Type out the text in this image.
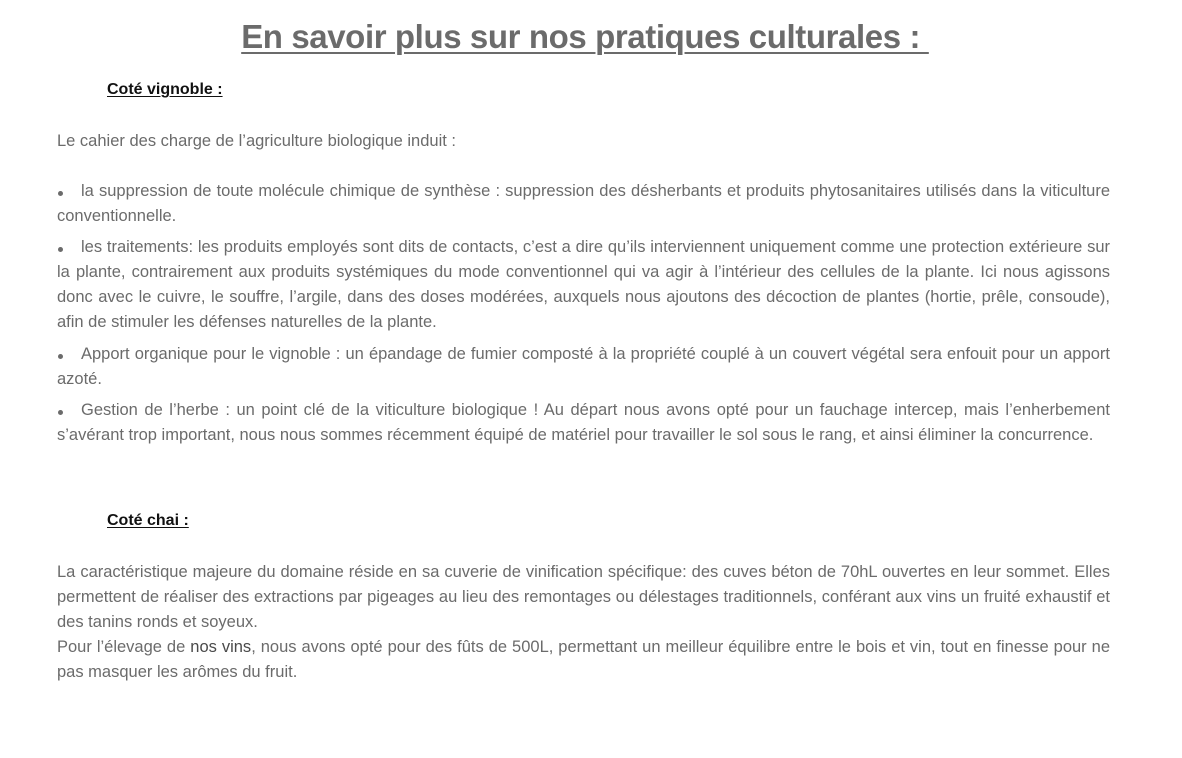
En savoir plus sur nos pratiques culturales :
Coté vignoble :

Le cahier des charge de l’agriculture biologique induit :

la suppression de toute molécule chimique de synthèse : suppression des désherbants et produits phytosanitaires utilisés dans la viticulture conventionnelle.

les traitements: les produits employés sont dits de contacts, c’est a dire qu’ils interviennent uniquement comme une protection extérieure sur la plante, contrairement aux produits systémiques du mode conventionnel qui va agir à l’intérieur des cellules de la plante. Ici nous agissons donc avec le cuivre, le souffre, l’argile, dans des doses modérées, auxquels nous ajoutons des décoction de plantes (hortie, prêle, consoude), afin de stimuler les défenses naturelles de la plante.

Apport organique pour le vignoble : un épandage de fumier composté à la propriété couplé à un couvert végétal sera enfouit pour un apport azoté.

Gestion de l’herbe : un point clé de la viticulture biologique ! Au départ nous avons opté pour un fauchage intercep, mais l’enherbement s’avérant trop important, nous nous sommes récemment équipé de matériel pour travailler le sol sous le rang, et ainsi éliminer la concurrence.

Coté chai :

La caractéristique majeure du domaine réside en sa cuverie de vinification spécifique: des cuves béton de 70hL ouvertes en leur sommet. Elles permettent de réaliser des extractions par pigeages au lieu des remontages ou délestages traditionnels, conférant aux vins un fruité exhaustif et des tanins ronds et soyeux.
Pour l’élevage de nos vins, nous avons opté pour des fûts de 500L, permettant un meilleur équilibre entre le bois et vin, tout en finesse pour ne pas masquer les arômes du fruit.
